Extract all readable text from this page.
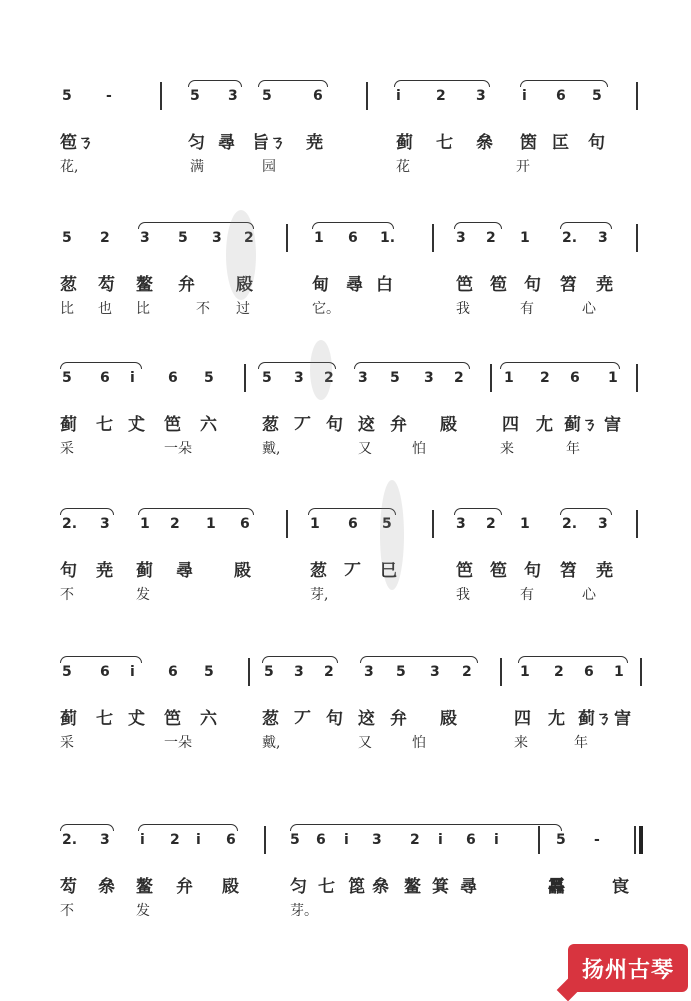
5 -	5 3 5	6	i	2 3	i 6 5
笣ㄋ	匀 尋 旨ㄋ 尭	蓟 七 㕘 筃 匞 句
花,	满	园	花	开
5 2 3 5 3 2	1 6 1.	3 2 1 2. 3
䓤 芶 鳌 弁 㲀	甸 尋 白	笆 笣 句 笤 尭
比 也 比	不 过	它。	我	有	心
5 6 i 6 5	5 3 2 3 5 3 2	1 2 6 1
蓟 七 𠀋 笆 六	䓤 丆 句 䢒 弁 㲀	四 尢 蓟ㄋ 㝘
采	一朵	戴,	又	怕	来	年
2. 3 1 2 1 6	1 6 5	3 2 1 2. 3
句 尭 蓟 尋 㲀	䓤 丆 巳	笆 笣 句 笤 尭
不	发	芽,	我	有	心
5 6 i 6 5	5 3 2 3 5 3 2	1 2 6 1
蓟 七 𠀋 笆 六	䓤 丆 句 䢒 弁 㲀	四 尢 蓟ㄋ 㝘
采	一朵	戴,	又	怕	来	年
2. 3 i 2 i 6	5 6 i 3 2 i 6 i	5 -
芶 㕘 鳌 弁 㲀	匀 七 箆 㕘 鳌 箕 尋	靐	㝗
不	发	芽。
扬州古琴
